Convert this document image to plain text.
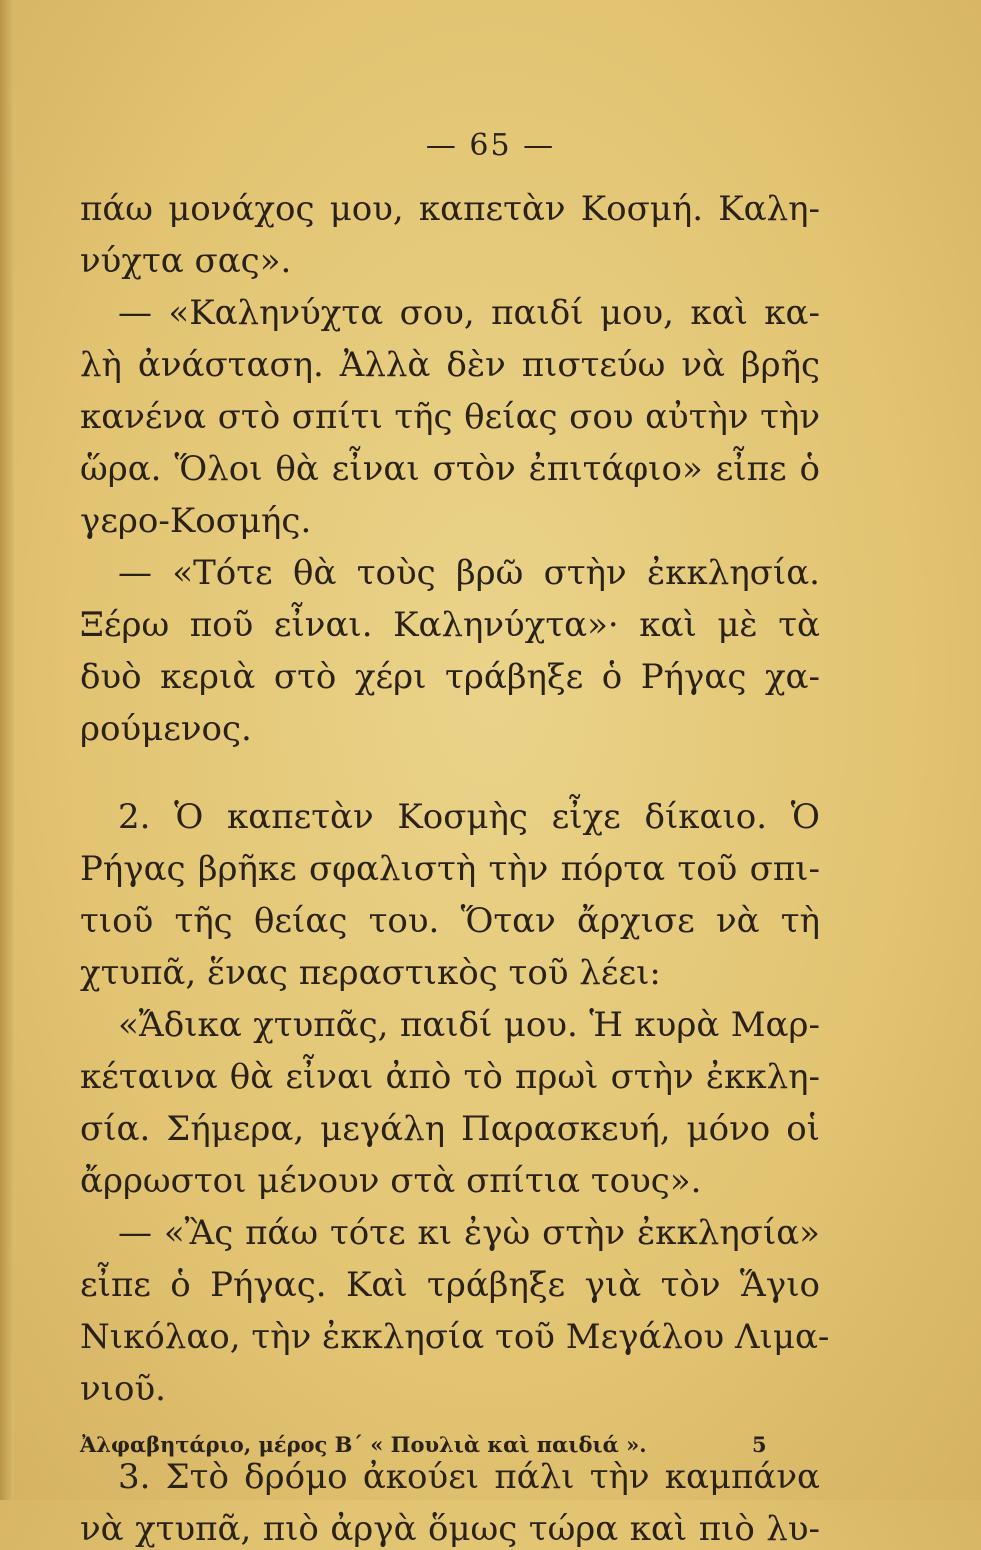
— 65 —
Ἀλφαβητάριο, μέρος Β΄ « Πουλιὰ καὶ παιδιά ».	5
πάω μονάχος μου, καπετὰν Κοσμή. Καλη-
νύχτα σας».
— «Καληνύχτα σου, παιδί μου, καὶ κα-
λὴ ἀνάσταση. Ἀλλὰ δὲν πιστεύω νὰ βρῆς
κανένα στὸ σπίτι τῆς θείας σου αὐτὴν τὴν
ὥρα. Ὅλοι θὰ εἶναι στὸν ἐπιτάφιο» εἶπε ὁ
γερο-Κοσμής.
— «Τότε θὰ τοὺς βρῶ στὴν ἐκκλησία.
Ξέρω ποῦ εἶναι. Καληνύχτα»· καὶ μὲ τὰ
δυὸ κεριὰ στὸ χέρι τράβηξε ὁ Ρήγας χα-
ρούμενος.
2. Ὁ καπετὰν Κοσμὴς εἶχε δίκαιο. Ὁ
Ρήγας βρῆκε σφαλιστὴ τὴν πόρτα τοῦ σπι-
τιοῦ τῆς θείας του. Ὅταν ἄρχισε νὰ τὴ
χτυπᾶ, ἕνας περαστικὸς τοῦ λέει:
«Ἄδικα χτυπᾶς, παιδί μου. Ἡ κυρὰ Μαρ-
κέταινα θὰ εἶναι ἀπὸ τὸ πρωὶ στὴν ἐκκλη-
σία. Σήμερα, μεγάλη Παρασκευή, μόνο οἱ
ἄρρωστοι μένουν στὰ σπίτια τους».
— «Ἂς πάω τότε κι ἐγὼ στὴν ἐκκλησία»
εἶπε ὁ Ρήγας. Καὶ τράβηξε γιὰ τὸν Ἅγιο
Νικόλαο, τὴν ἐκκλησία τοῦ Μεγάλου Λιμα-
νιοῦ.
3. Στὸ δρόμο ἀκούει πάλι τὴν καμπάνα
νὰ χτυπᾶ, πιὸ ἀργὰ ὅμως τώρα καὶ πιὸ λυ-
